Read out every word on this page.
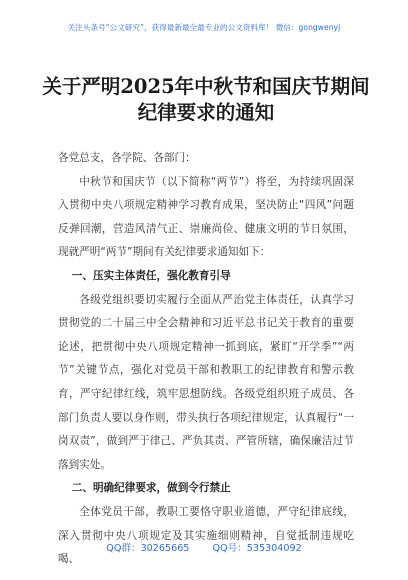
关注头条号“公文研究”，获得最新最全最专业的公文资料库！ 微信：gongwenyj
关于严明2025年中秋节和国庆节期间纪律要求的通知

各党总支，各学院、各部门：

中秋节和国庆节（以下简称“两节”）将至，为持续巩固深入贯彻中央八项规定精神学习教育成果，坚决防止“四风”问题反弹回潮，营造风清气正、崇廉尚俭、健康文明的节日氛围，现就严明“两节”期间有关纪律要求通知如下：

一、压实主体责任，强化教育引导

各级党组织要切实履行全面从严治党主体责任，认真学习贯彻党的二十届三中全会精神和习近平总书记关于教育的重要论述，把贯彻中央八项规定精神一抓到底，紧盯“开学季”“两节”关键节点，强化对党员干部和教职工的纪律教育和警示教育，严守纪律红线，筑牢思想防线。各级党组织班子成员、各部门负责人要以身作则，带头执行各项纪律规定，认真履行“一岗双责”，做到严于律己、严负其责、严管所辖，确保廉洁过节落到实处。

二、明确纪律要求，做到令行禁止

全体党员干部，教职工要恪守职业道德，严守纪律底线，深入贯彻中央八项规定及其实施细则精神，自觉抵制违规吃喝、

QQ群：30265665 QQ号：535304092
